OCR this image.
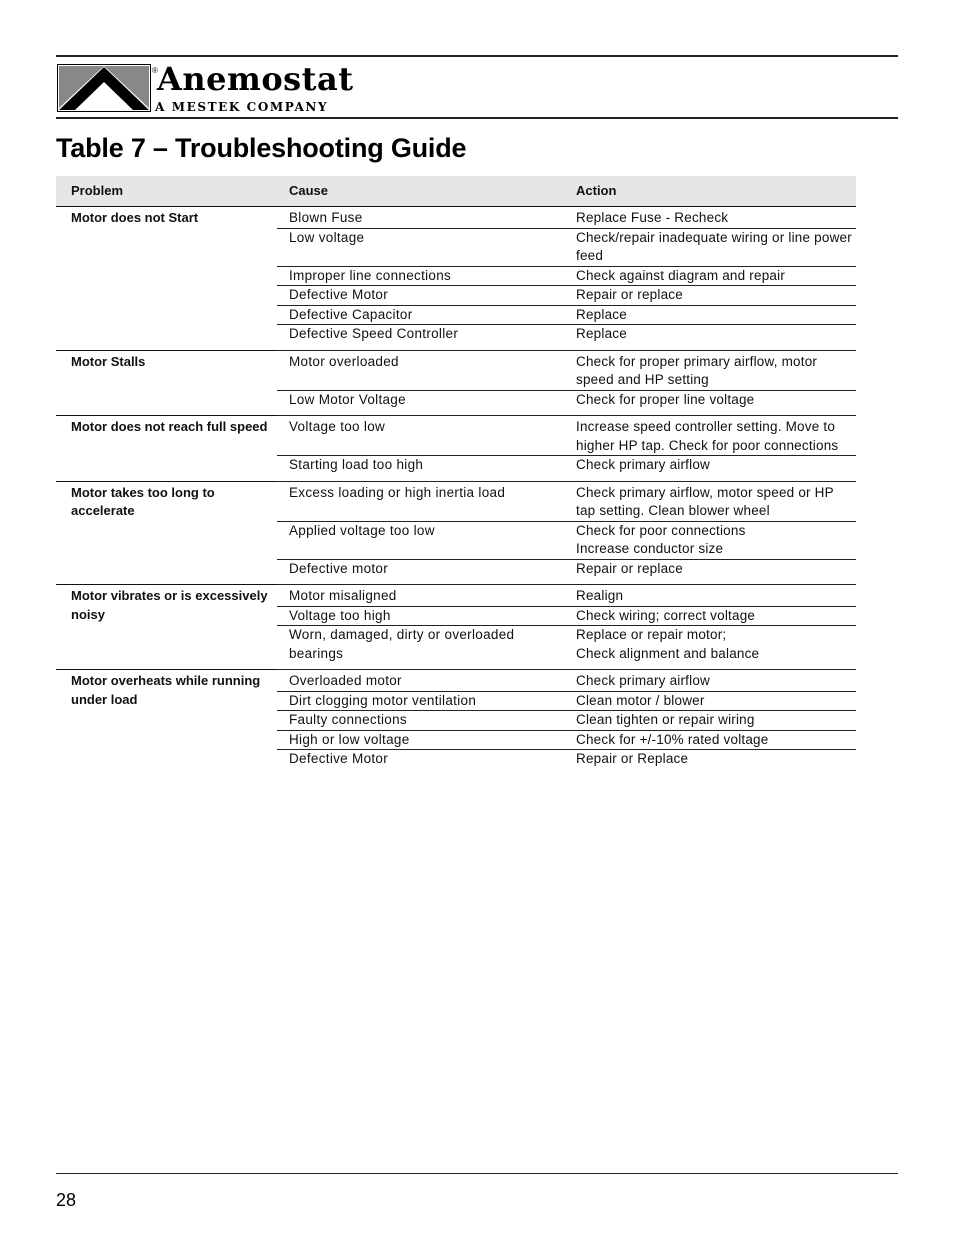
® Anemostat
A MESTEK COMPANY
Table 7 – Troubleshooting Guide
Problem	Cause	Action
Motor does not Start	Blown Fuse	Replace Fuse - Recheck

	Low voltage	Check/repair inadequate wiring or line power feed

	Improper line connections	Check against diagram and repair

	Defective Motor	Repair or replace

	Defective Capacitor	Replace

	Defective Speed Controller	Replace

Motor Stalls	Motor overloaded	Check for proper primary airflow, motor speed and HP setting

	Low Motor Voltage	Check for proper line voltage

Motor does not reach full speed	Voltage too low	Increase speed controller setting. Move to higher HP tap. Check for poor connections

	Starting load too high	Check primary airflow

Motor takes too long to accelerate	Excess loading or high inertia load	Check primary airflow, motor speed or HP tap setting. Clean blower wheel

	Applied voltage too low	Check for poor connections
Increase conductor size

	Defective motor	Repair or replace

Motor vibrates or is excessively noisy	Motor misaligned	Realign

	Voltage too high	Check wiring; correct voltage

	Worn, damaged, dirty or overloaded bearings	Replace or repair motor;
Check alignment and balance

Motor overheats while running under load	Overloaded motor	Check primary airflow

	Dirt clogging motor ventilation	Clean motor / blower

	Faulty connections	Clean tighten or repair wiring

	High or low voltage	Check for +/-10% rated voltage

	Defective Motor	Repair or Replace
28
